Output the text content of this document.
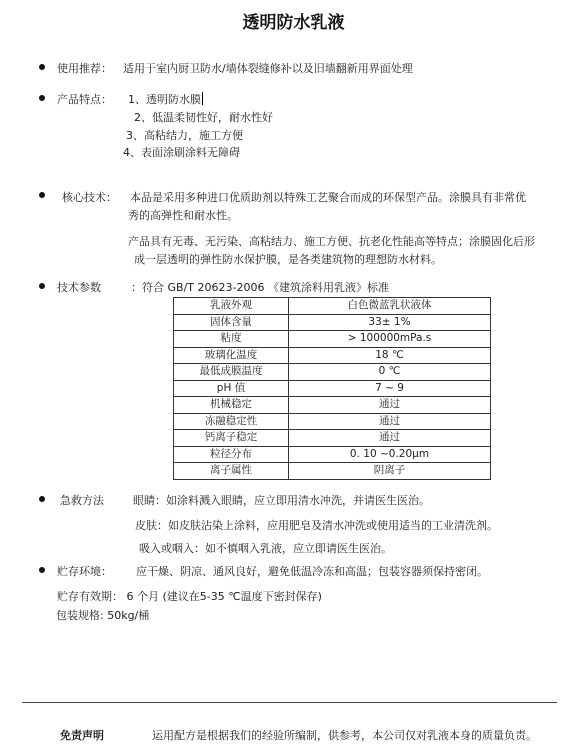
透明防水乳液
使用推荐： 适用于室内厨卫防水/墙体裂缝修补以及旧墙翻新用界面处理
产品特点： 1、透明防水膜
2、低温柔韧性好，耐水性好
3、高粘结力，施工方便
4、表面涂刷涂料无障碍
核心技术： 本品是采用多种进口优质助剂以特殊工艺聚合而成的环保型产品。涂膜具有非常优
秀的高弹性和耐水性。
产品具有无毒、无污染、高粘结力、施工方便、抗老化性能高等特点；涂膜固化后形
成一层透明的弹性防水保护膜，是各类建筑物的理想防水材料。
技术参数	：符合 GB/T 20623-2006 《建筑涂料用乳液》标准
乳液外观	白色微蓝乳状液体
固体含量	33± 1%
粘度	> 100000mPa.s
玻璃化温度	18 ℃
最低成膜温度	0 ℃
pH 值	7 ~ 9
机械稳定	通过
冻融稳定性	通过
钙离子稳定	通过
粒径分布	0. 10 ~0.20μm
离子属性	阴离子
急救方法	眼睛：如涂料溅入眼睛，应立即用清水冲洗，并请医生医治。
皮肤：如皮肤沾染上涂料，应用肥皂及清水冲洗或使用适当的工业清洗剂。
吸入或咽入：如不慎咽入乳液，应立即请医生医治。
贮存环境： 应干燥、阴凉、通风良好，避免低温冷冻和高温；包装容器须保持密闭。
贮存有效期： 6 个月 (建议在5-35 ℃温度下密封保存)
包装规格: 50kg/桶
免责声明	运用配方是根据我们的经验所编制，供参考，本公司仅对乳液本身的质量负责。
